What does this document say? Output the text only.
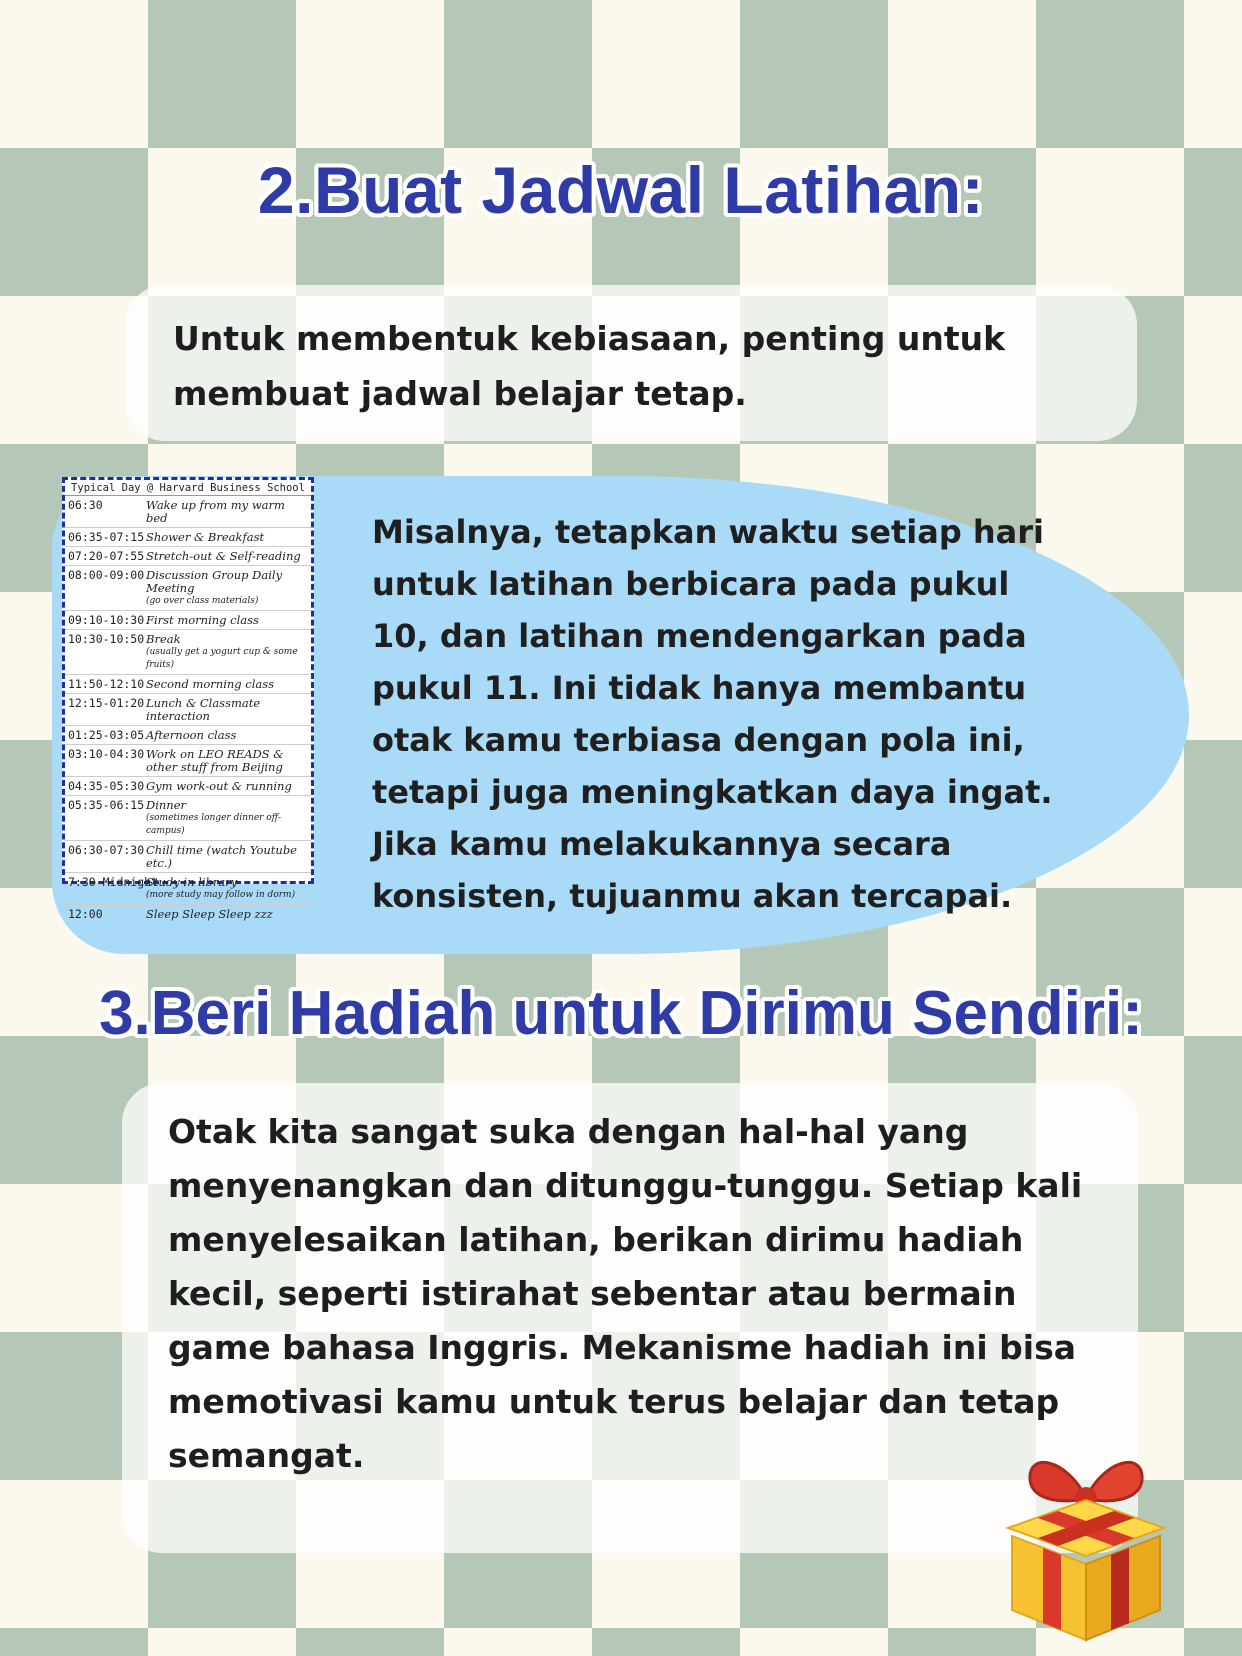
2.Buat Jadwal Latihan:
Untuk membentuk kebiasaan, penting untuk membuat jadwal belajar tetap.
Typical Day @ Harvard Business School
06:30	Wake up from my warm bed
06:35-07:15 Shower & Breakfast
07:20-07:55 Stretch-out & Self-reading
08:00-09:00 Discussion Group Daily Meeting
(go over class materials)
09:10-10:30 First morning class
10:30-10:50 Break
(usually get a yogurt cup & some fruits)
11:50-12:10 Second morning class
12:15-01:20 Lunch & Classmate interaction
01:25-03:05 Afternoon class
03:10-04:30 Work on LEO READS & other stuff from Beijing
04:35-05:30 Gym work-out & running
05:35-06:15 Dinner
(sometimes longer dinner off-campus)
06:30-07:30 Chill time (watch Youtube etc.)
7:30-Midnight
Study in library
(more study may follow in dorm)
12:00	Sleep Sleep Sleep zzz
Misalnya, tetapkan waktu setiap hari untuk latihan berbicara pada pukul 10, dan latihan mendengarkan pada pukul 11. Ini tidak hanya membantu otak kamu terbiasa dengan pola ini, tetapi juga meningkatkan daya ingat. Jika kamu melakukannya secara konsisten, tujuanmu akan tercapai.
3.Beri Hadiah untuk Dirimu Sendiri:
Otak kita sangat suka dengan hal-hal yang menyenangkan dan ditunggu-tunggu. Setiap kali menyelesaikan latihan, berikan dirimu hadiah kecil, seperti istirahat sebentar atau bermain game bahasa Inggris. Mekanisme hadiah ini bisa memotivasi kamu untuk terus belajar dan tetap semangat.
